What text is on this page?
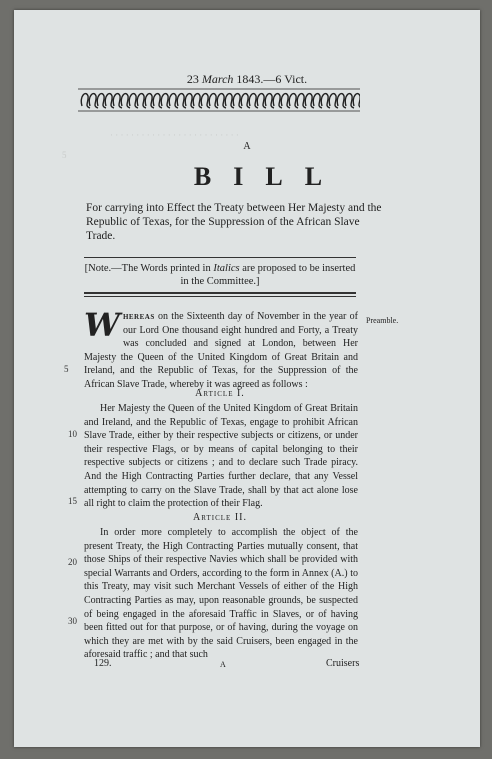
· · · · · · · · · · · · · · · · · · · · · · · · ·
5
23 March 1843.—6 Vict.
A
BILL
For carrying into Effect the Treaty between Her Majesty and the Republic of Texas, for the Suppression of the African Slave Trade.
[Note.—The Words printed in Italics are proposed to be inserted in the Committee.]
Preamble.
Whereas on the Sixteenth day of November in the year of our Lord One thousand eight hundred and Forty, a Treaty was concluded and signed at London, between Her Majesty the Queen of the United Kingdom of Great Britain and Ireland, and the Republic of Texas, for the Suppression of the African Slave Trade, whereby it was agreed as follows :
Article I.
Her Majesty the Queen of the United Kingdom of Great Britain and Ireland, and the Republic of Texas, engage to prohibit African Slave Trade, either by their respective subjects or citizens, or under their respective Flags, or by means of capital belonging to their respective subjects or citizens ; and to declare such Trade piracy. And the High Contracting Parties further declare, that any Vessel attempting to carry on the Slave Trade, shall by that act alone lose all right to claim the protection of their Flag.
Article II.
In order more completely to accomplish the object of the present Treaty, the High Contracting Parties mutually consent, that those Ships of their respective Navies which shall be provided with special Warrants and Orders, according to the form in Annex (A.) to this Treaty, may visit such Merchant Vessels of either of the High Contracting Parties as may, upon reasonable grounds, be suspected of being engaged in the aforesaid Traffic in Slaves, or of having been fitted out for that purpose, or of having, during the voyage on which they are met with by the said Cruisers, been engaged in the aforesaid traffic ; and that such
5
10
15
20
30
129.	A	Cruisers
